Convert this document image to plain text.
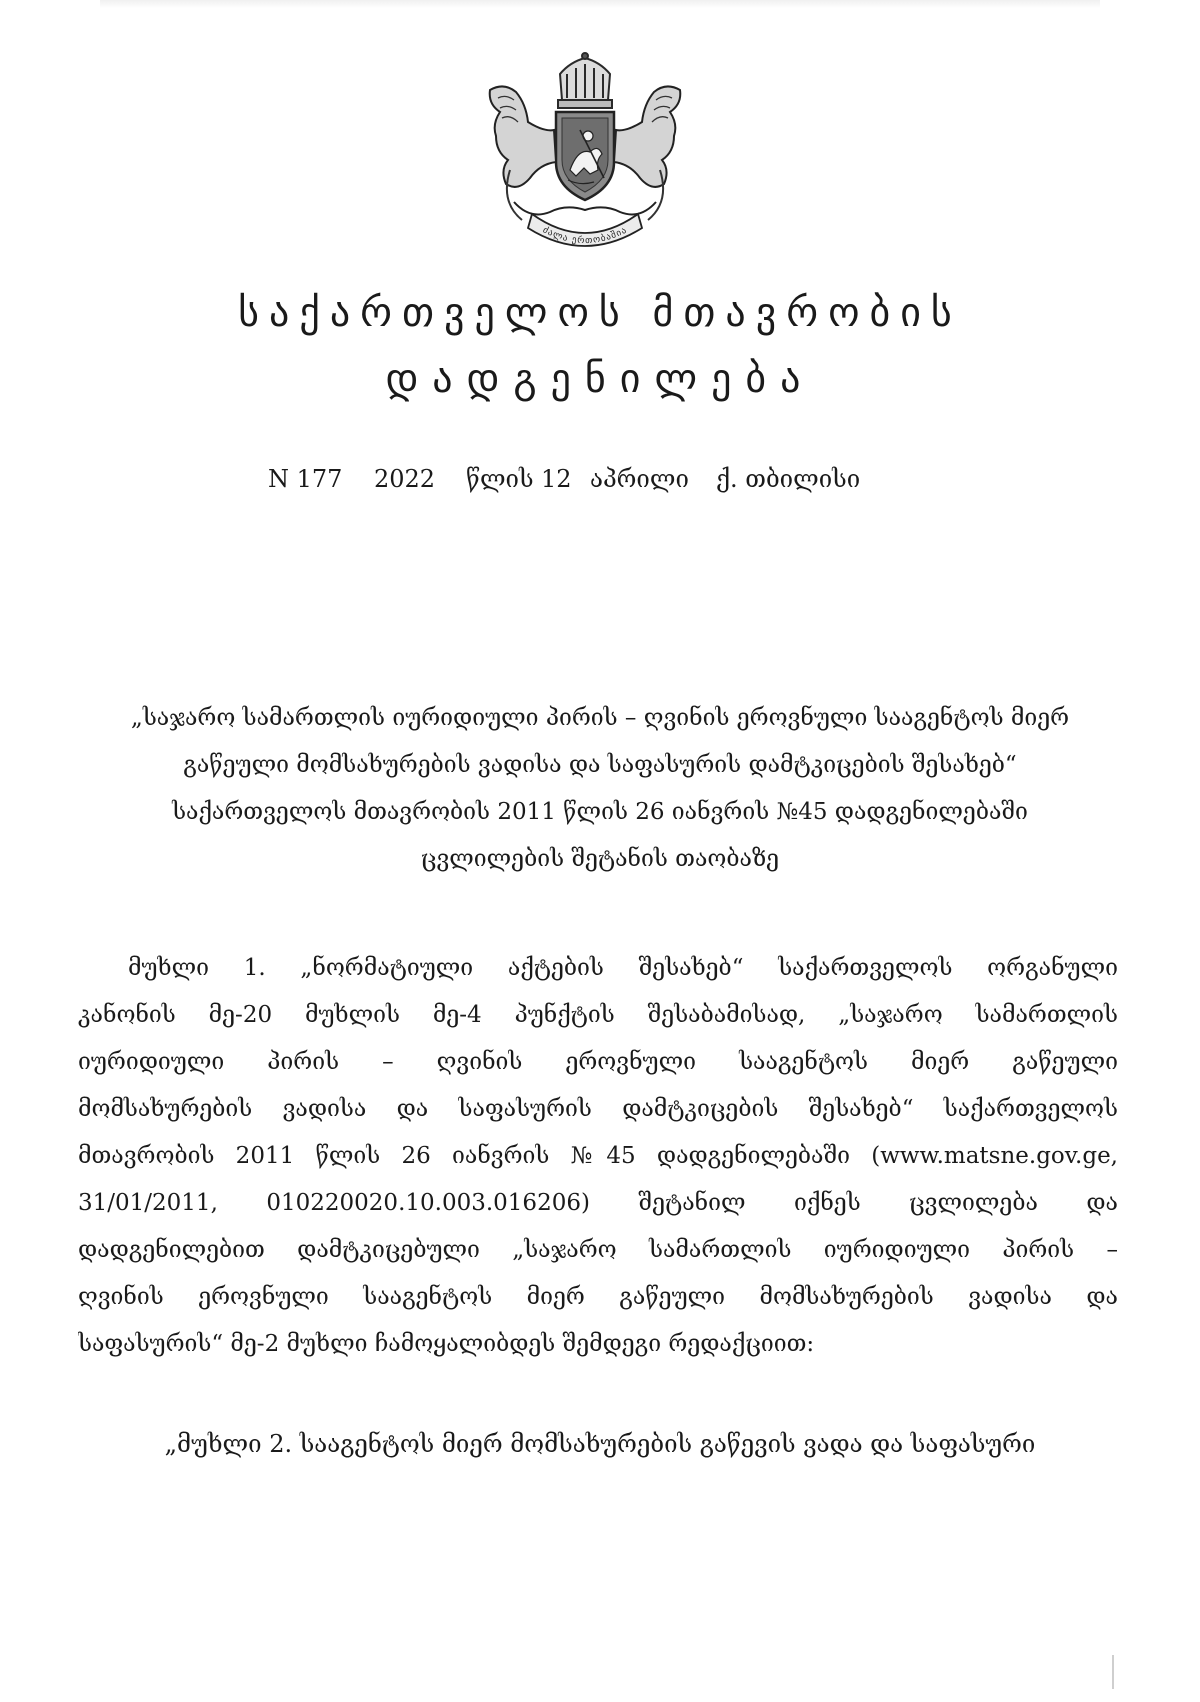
ძალა ერთობაშია
საქართველოს მთავრობის
დადგენილება
N 177 2022 წლის 12 აპრილი ქ. თბილისი
„საჯარო სამართლის იურიდიული პირის – ღვინის ეროვნული სააგენტოს მიერ
გაწეული მომსახურების ვადისა და საფასურის დამტკიცების შესახებ“
საქართველოს მთავრობის 2011 წლის 26 იანვრის №45 დადგენილებაში
ცვლილების შეტანის თაობაზე
მუხლი 1. „ნორმატიული აქტების შესახებ“ საქართველოს ორგანული
კანონის მე-20 მუხლის მე-4 პუნქტის შესაბამისად, „საჯარო სამართლის
იურიდიული პირის – ღვინის ეროვნული სააგენტოს მიერ გაწეული
მომსახურების ვადისა და საფასურის დამტკიცების შესახებ“ საქართველოს
მთავრობის 2011 წლის 26 იანვრის №45 დადგენილებაში (www.matsne.gov.ge,
31/01/2011, 010220020.10.003.016206) შეტანილ იქნეს ცვლილება და
დადგენილებით დამტკიცებული „საჯარო სამართლის იურიდიული პირის –
ღვინის ეროვნული სააგენტოს მიერ გაწეული მომსახურების ვადისა და
საფასურის“ მე-2 მუხლი ჩამოყალიბდეს შემდეგი რედაქციით:
„მუხლი 2. სააგენტოს მიერ მომსახურების გაწევის ვადა და საფასური
